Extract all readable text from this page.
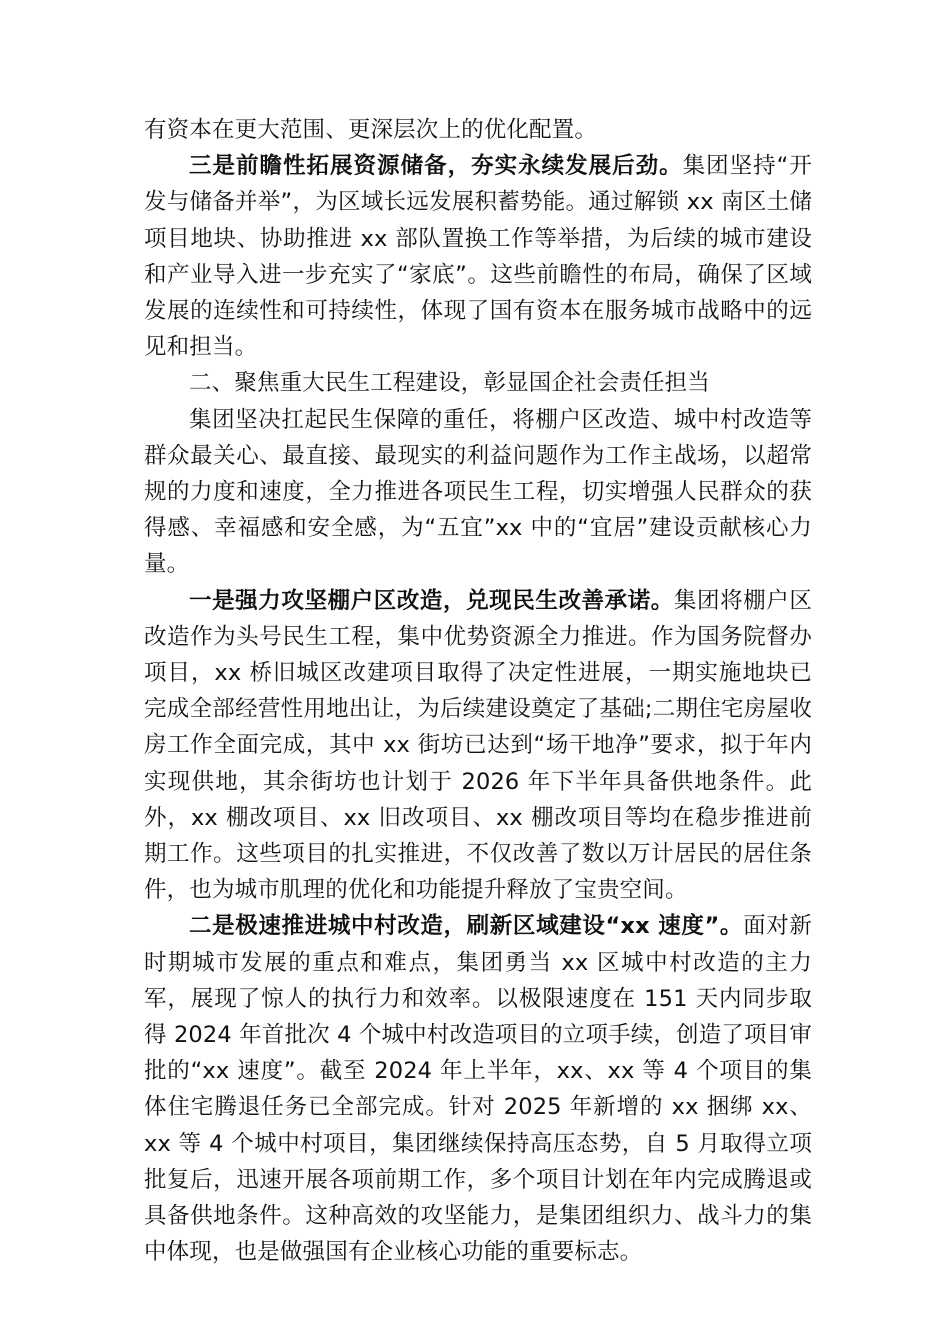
有资本在更大范围、更深层次上的优化配置。

三是前瞻性拓展资源储备，夯实永续发展后劲。集团坚持“开发与储备并举”，为区域长远发展积蓄势能。通过解锁 xx 南区土储项目地块、协助推进 xx 部队置换工作等举措，为后续的城市建设和产业导入进一步充实了“家底”。这些前瞻性的布局，确保了区域发展的连续性和可持续性，体现了国有资本在服务城市战略中的远见和担当。

二、聚焦重大民生工程建设，彰显国企社会责任担当

集团坚决扛起民生保障的重任，将棚户区改造、城中村改造等群众最关心、最直接、最现实的利益问题作为工作主战场，以超常规的力度和速度，全力推进各项民生工程，切实增强人民群众的获得感、幸福感和安全感，为“五宜”xx 中的“宜居”建设贡献核心力量。

一是强力攻坚棚户区改造，兑现民生改善承诺。集团将棚户区改造作为头号民生工程，集中优势资源全力推进。作为国务院督办项目，xx 桥旧城区改建项目取得了决定性进展，一期实施地块已完成全部经营性用地出让，为后续建设奠定了基础;二期住宅房屋收房工作全面完成，其中 xx 街坊已达到“场干地净”要求，拟于年内实现供地，其余街坊也计划于 2026 年下半年具备供地条件。此外，xx 棚改项目、xx 旧改项目、xx 棚改项目等均在稳步推进前期工作。这些项目的扎实推进，不仅改善了数以万计居民的居住条件，也为城市肌理的优化和功能提升释放了宝贵空间。

二是极速推进城中村改造，刷新区域建设“xx 速度”。面对新时期城市发展的重点和难点，集团勇当 xx 区城中村改造的主力军，展现了惊人的执行力和效率。以极限速度在 151 天内同步取得 2024 年首批次 4 个城中村改造项目的立项手续，创造了项目审批的“xx 速度”。截至 2024 年上半年，xx、xx 等 4 个项目的集体住宅腾退任务已全部完成。针对 2025 年新增的 xx 捆绑 xx、xx 等 4 个城中村项目，集团继续保持高压态势，自 5 月取得立项批复后，迅速开展各项前期工作，多个项目计划在年内完成腾退或具备供地条件。这种高效的攻坚能力，是集团组织力、战斗力的集中体现，也是做强国有企业核心功能的重要标志。
